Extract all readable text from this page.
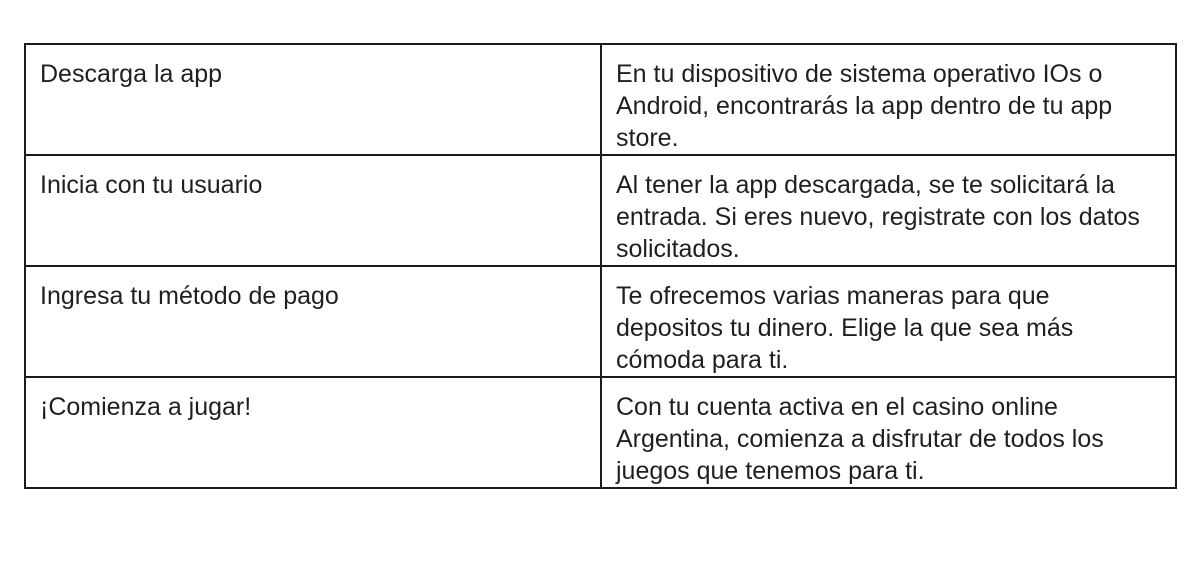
Descarga la app	En tu dispositivo de sistema operativo IOs o Android, encontrarás la app dentro de tu app store.
Inicia con tu usuario	Al tener la app descargada, se te solicitará la entrada. Si eres nuevo, registrate con los datos solicitados.
Ingresa tu método de pago	Te ofrecemos varias maneras para que depositos tu dinero. Elige la que sea más cómoda para ti.
¡Comienza a jugar!	Con tu cuenta activa en el casino online Argentina, comienza a disfrutar de todos los juegos que tenemos para ti.
